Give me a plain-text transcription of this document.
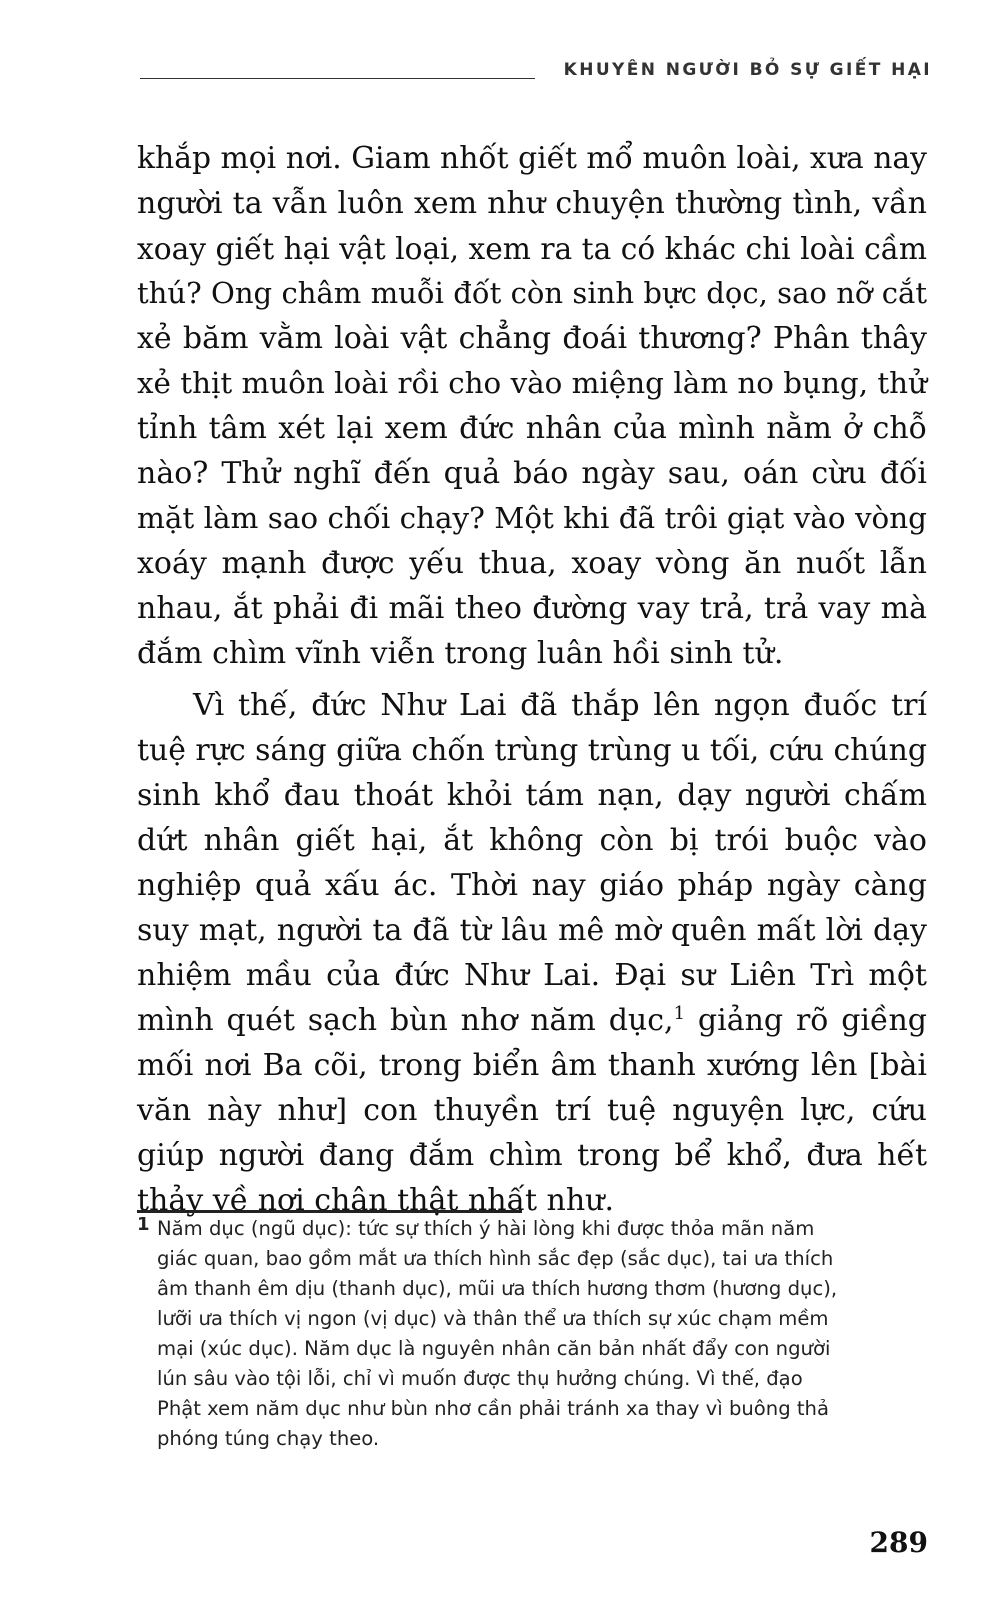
KHUYÊN NGƯỜI BỎ SỰ GIẾT HẠI

khắp mọi nơi. Giam nhốt giết mổ muôn loài, xưa nay
người ta vẫn luôn xem như chuyện thường tình, vần
xoay giết hại vật loại, xem ra ta có khác chi loài cầm
thú? Ong châm muỗi đốt còn sinh bực dọc, sao nỡ cắt
xẻ băm vằm loài vật chẳng đoái thương? Phân thây
xẻ thịt muôn loài rồi cho vào miệng làm no bụng, thử
tỉnh tâm xét lại xem đức nhân của mình nằm ở chỗ
nào? Thử nghĩ đến quả báo ngày sau, oán cừu đối
mặt làm sao chối chạy? Một khi đã trôi giạt vào vòng
xoáy mạnh được yếu thua, xoay vòng ăn nuốt lẫn
nhau, ắt phải đi mãi theo đường vay trả, trả vay mà
đắm chìm vĩnh viễn trong luân hồi sinh tử.

Vì thế, đức Như Lai đã thắp lên ngọn đuốc trí
tuệ rực sáng giữa chốn trùng trùng u tối, cứu chúng
sinh khổ đau thoát khỏi tám nạn, dạy người chấm
dứt nhân giết hại, ắt không còn bị trói buộc vào
nghiệp quả xấu ác. Thời nay giáo pháp ngày càng
suy mạt, người ta đã từ lâu mê mờ quên mất lời dạy
nhiệm mầu của đức Như Lai. Đại sư Liên Trì một
mình quét sạch bùn nhơ năm dục,$^1$ giảng rõ giềng
mối nơi Ba cõi, trong biển âm thanh xướng lên [bài
văn này như] con thuyền trí tuệ nguyện lực, cứu
giúp người đang đắm chìm trong bể khổ, đưa hết
thảy về nơi chân thật nhất như.

1 Năm dục (ngũ dục): tức sự thích ý hài lòng khi được thỏa mãn năm
giác quan, bao gồm mắt ưa thích hình sắc đẹp (sắc dục), tai ưa thích
âm thanh êm dịu (thanh dục), mũi ưa thích hương thơm (hương dục),
lưỡi ưa thích vị ngon (vị dục) và thân thể ưa thích sự xúc chạm mềm
mại (xúc dục). Năm dục là nguyên nhân căn bản nhất đẩy con người
lún sâu vào tội lỗi, chỉ vì muốn được thụ hưởng chúng. Vì thế, đạo
Phật xem năm dục như bùn nhơ cần phải tránh xa thay vì buông thả
phóng túng chạy theo.
289
